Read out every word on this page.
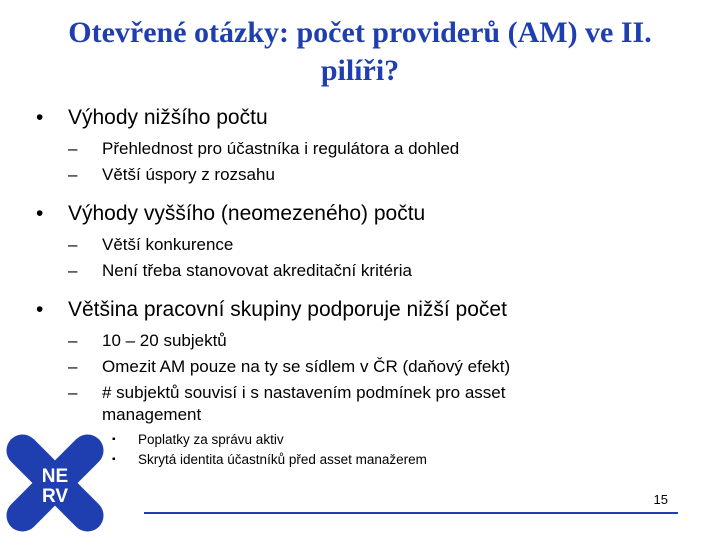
Otevřené otázky: počet providerů (AM) ve II.
pilíři?
•	Výhody nižšího počtu
–	Přehlednost pro účastníka i regulátora a dohled
–	Větší úspory z rozsahu
•	Výhody vyššího (neomezeného) počtu
–	Větší konkurence
–	Není třeba stanovovat akreditační kritéria
•	Většina pracovní skupiny podporuje nižší počet
–	10 – 20 subjektů
–	Omezit AM pouze na ty se sídlem v ČR (daňový efekt)
–	# subjektů souvisí i s nastavením podmínek pro asset management
▪	Poplatky za správu aktiv
▪	Skrytá identita účastníků před asset manažerem
NE
RV	15
